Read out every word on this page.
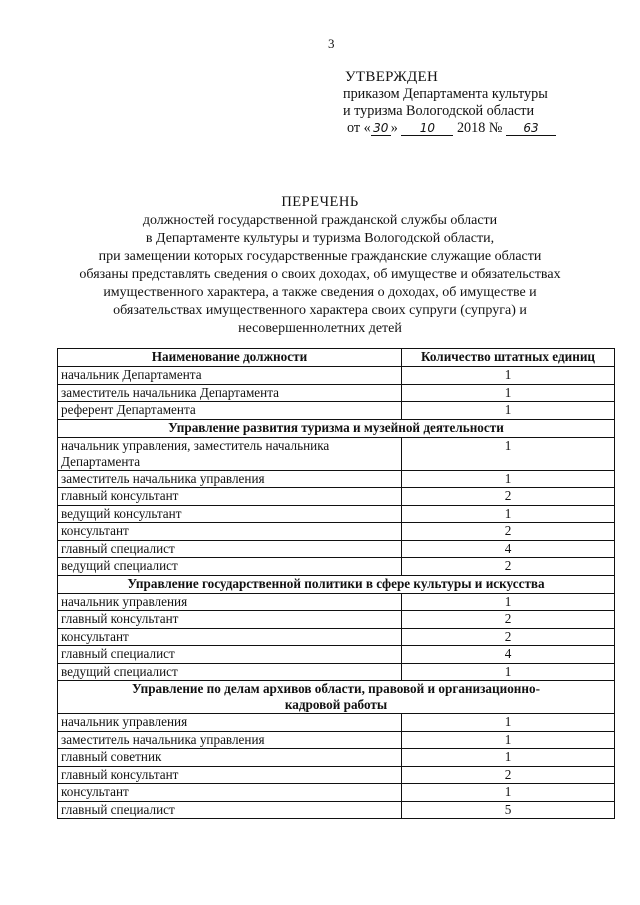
3
УТВЕРЖДЕН
приказом Департамента культуры
и туризма Вологодской области
от « 30 » 10 2018 № 63
ПЕРЕЧЕНЬ
должностей государственной гражданской службы области
в Департаменте культуры и туризма Вологодской области,
при замещении которых государственные гражданские служащие области
обязаны представлять сведения о своих доходах, об имуществе и обязательствах
имущественного характера, а также сведения о доходах, об имуществе и
обязательствах имущественного характера своих супруги (супруга) и
несовершеннолетних детей
Наименование должности	Количество штатных единиц
начальник Департамента	1
заместитель начальника Департамента	1
референт Департамента	1
Управление развития туризма и музейной деятельности	
начальник управления, заместитель начальника Департамента	1
заместитель начальника управления	1
главный консультант	2
ведущий консультант	1
консультант	2
главный специалист	4
ведущий специалист	2
Управление государственной политики в сфере культуры и искусства	
начальник управления	1
главный консультант	2
консультант	2
главный специалист	4
ведущий специалист	1
Управление по делам архивов области, правовой и организационно-кадровой работы	
начальник управления	1
заместитель начальника управления	1
главный советник	1
главный консультант	2
консультант	1
главный специалист	5
